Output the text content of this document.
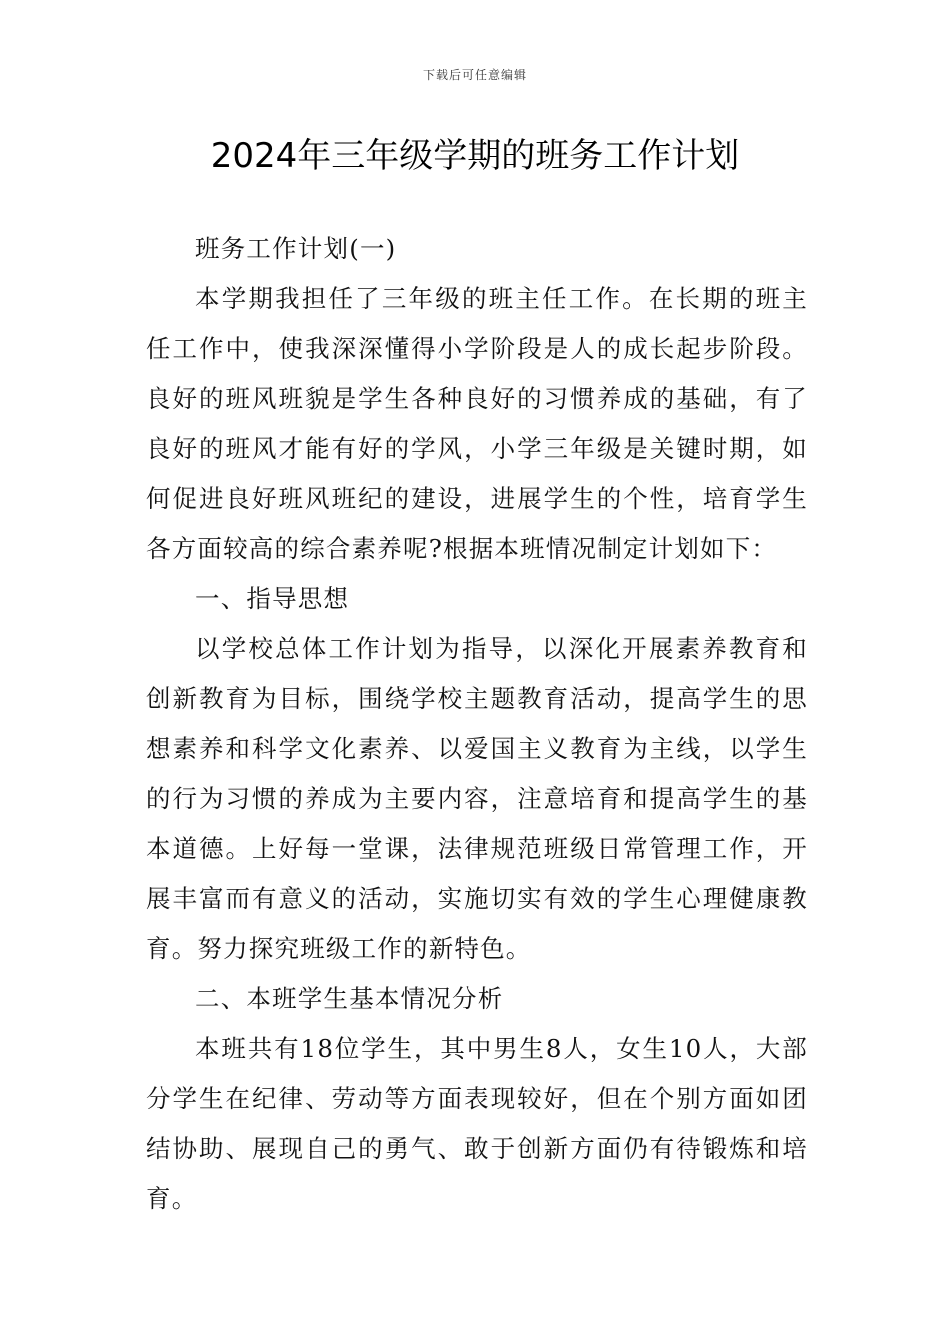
下载后可任意编辑
2024年三年级学期的班务工作计划

班务工作计划(一)

本学期我担任了三年级的班主任工作。在长期的班主任工作中，使我深深懂得小学阶段是人的成长起步阶段。良好的班风班貌是学生各种良好的习惯养成的基础，有了良好的班风才能有好的学风，小学三年级是关键时期，如何促进良好班风班纪的建设，进展学生的个性，培育学生各方面较高的综合素养呢?根据本班情况制定计划如下：

一、指导思想

以学校总体工作计划为指导，以深化开展素养教育和创新教育为目标，围绕学校主题教育活动，提高学生的思想素养和科学文化素养、以爱国主义教育为主线，以学生的行为习惯的养成为主要内容，注意培育和提高学生的基本道德。上好每一堂课，法律规范班级日常管理工作，开展丰富而有意义的活动，实施切实有效的学生心理健康教育。努力探究班级工作的新特色。

二、本班学生基本情况分析

本班共有18位学生，其中男生8人，女生10人，大部分学生在纪律、劳动等方面表现较好，但在个别方面如团结协助、展现自己的勇气、敢于创新方面仍有待锻炼和培育。
